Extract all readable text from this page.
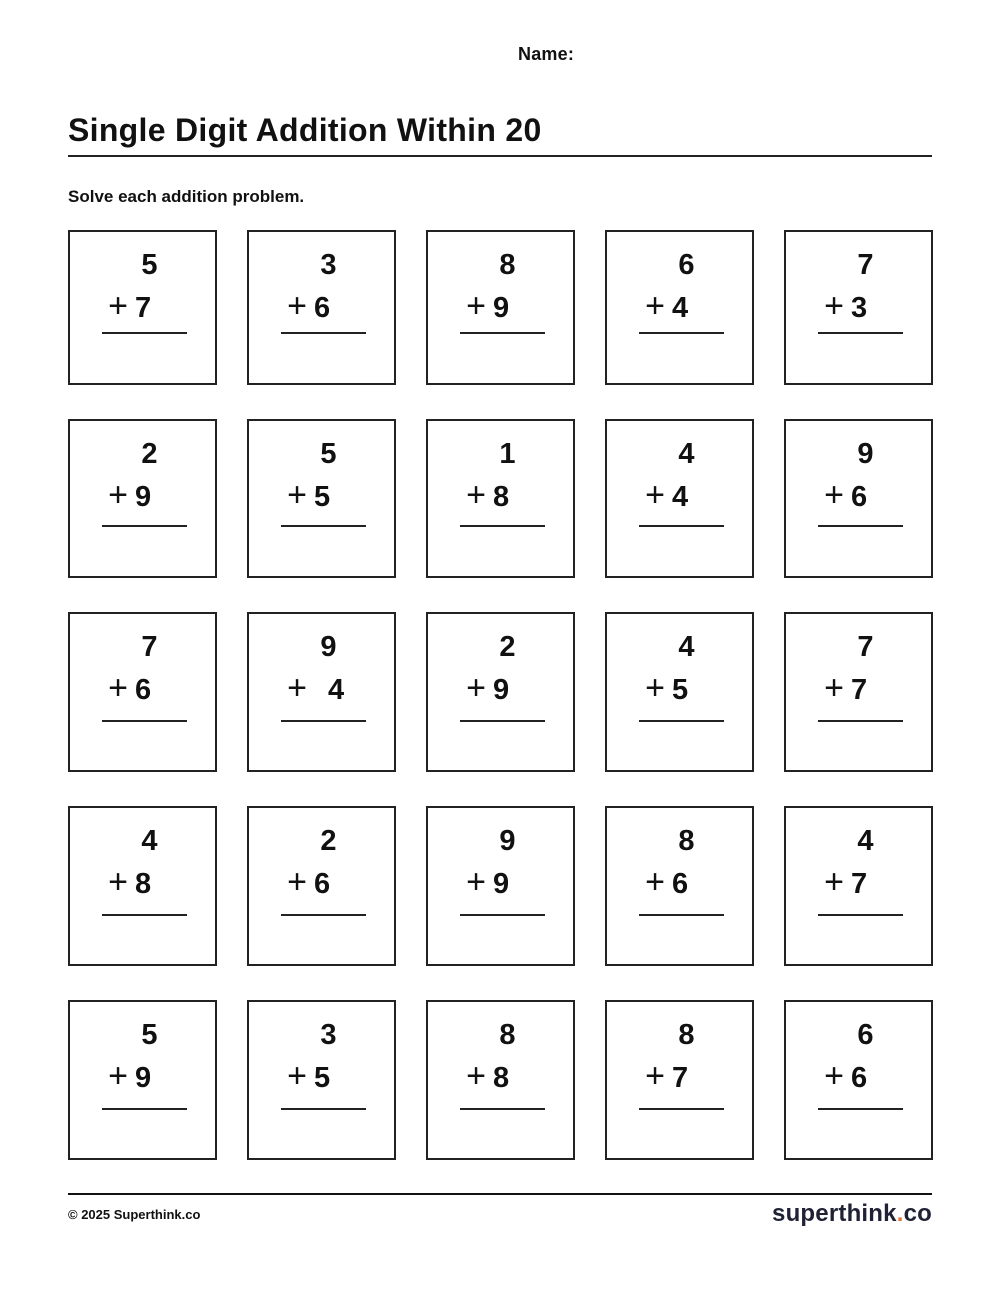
Name:
Single Digit Addition Within 20
Solve each addition problem.
5
+ 7
3
+ 6
8
+ 9
6
+ 4
7
+ 3
2
+ 9
5
+ 5
1
+ 8
4
+ 4
9
+ 6
7
+ 6
9
+ 4
2
+ 9
4
+ 5
7
+ 7
4
+ 8
2
+ 6
9
+ 9
8
+ 6
4
+ 7
5
+ 9
3
+ 5
8
+ 8
8
+ 7
6
+ 6
© 2025 Superthink.co	superthink.co
